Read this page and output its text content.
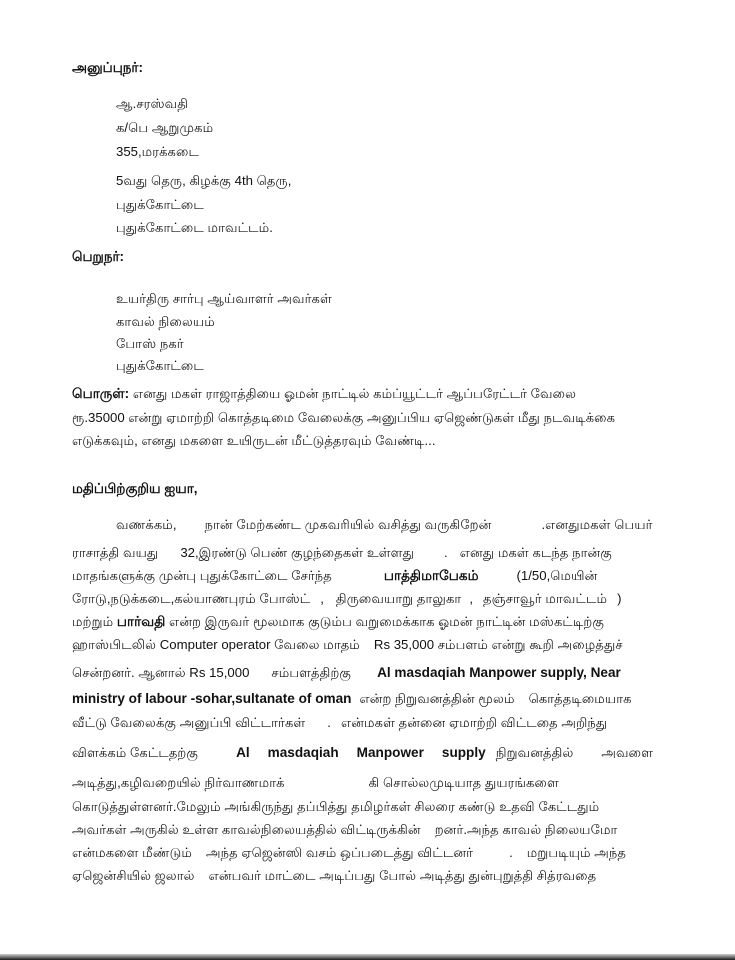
அனுப்புநர்:
ஆ.சரஸ்வதி
க/பெ ஆறுமுகம்
355,மரக்கடை
5வது தெரு, கிழக்கு 4th தெரு,
புதுக்கோட்டை
புதுக்கோட்டை மாவட்டம்.
பெறுநர்:
உயர்திரு சார்பு ஆய்வாளர் அவர்கள்
காவல் நிலையம்
போஸ் நகர்
புதுக்கோட்டை
பொருள்: எனது மகள் ராஜாத்தியை ஓமன் நாட்டில் கம்ப்யூட்டர் ஆப்பரேட்டர் வேலை
ரூ.35000 என்று ஏமாற்றி கொத்தடிமை வேலைக்கு அனுப்பிய ஏஜெண்டுகள் மீது நடவடிக்கை
எடுக்கவும், எனது மகளை உயிருடன் மீட்டுத்தரவும் வேண்டி...
மதிப்பிற்குறிய ஐயா,
வணக்கம், நான் மேற்கண்ட முகவரியில் வசித்து வருகிறேன்	.எனதுமகள் பெயர்
ராசாத்தி வயது 32,இரண்டு பெண் குழந்தைகள் உள்ளது . எனது மகள் கடந்த நான்கு
மாதங்களுக்கு முன்பு புதுக்கோட்டை சேர்ந்த	பாத்திமாபேகம்	(1/50,மெயின்
ரோடு,நடுக்கடை,கல்யாணபுரம் போஸ்ட் , திருவையாறு தாலுகா , தஞ்சாவூர் மாவட்டம் )
மற்றும் பார்வதி என்ற இருவர் மூலமாக குடும்ப வறுமைக்காக ஓமன் நாட்டின் மஸ்கட்டிற்கு
ஹாஸ்பிடலில் Computer operator வேலை மாதம் Rs 35,000 சம்பளம் என்று கூறி அழைத்துச்
சென்றனர். ஆனால் Rs 15,000 சம்பளத்திற்கு Al masdaqiah Manpower supply, Near
ministry of labour -sohar,sultanate of oman என்ற நிறுவனத்தின் மூலம் கொத்தடிமையாக
வீட்டு வேலைக்கு அனுப்பி விட்டார்கள் . என்மகள் தன்னை ஏமாற்றி விட்டதை அறிந்து
விளக்கம் கேட்டதற்கு	Al masdaqiah Manpower supply நிறுவனத்தில் அவளை
அடித்து,கழிவறையில் நிர்வாணமாக்	கி சொல்லமுடியாத துயரங்களை
கொடுத்துள்ளனர்.மேலும் அங்கிருந்து தப்பித்து தமிழர்கள் சிலரை கண்டு உதவி கேட்டதும்
அவர்கள் அருகில் உள்ள காவல்நிலையத்தில் விட்டிருக்கின் றனர்.அந்த காவல் நிலையமோ
என்மகளை மீண்டும் அந்த ஏஜென்ஸி வசம் ஒப்படைத்து விட்டனர்	. மறுபடியும் அந்த
ஏஜென்சியில் ஜலால் என்பவர் மாட்டை அடிப்பது போல் அடித்து துன்புறுத்தி சித்ரவதை
